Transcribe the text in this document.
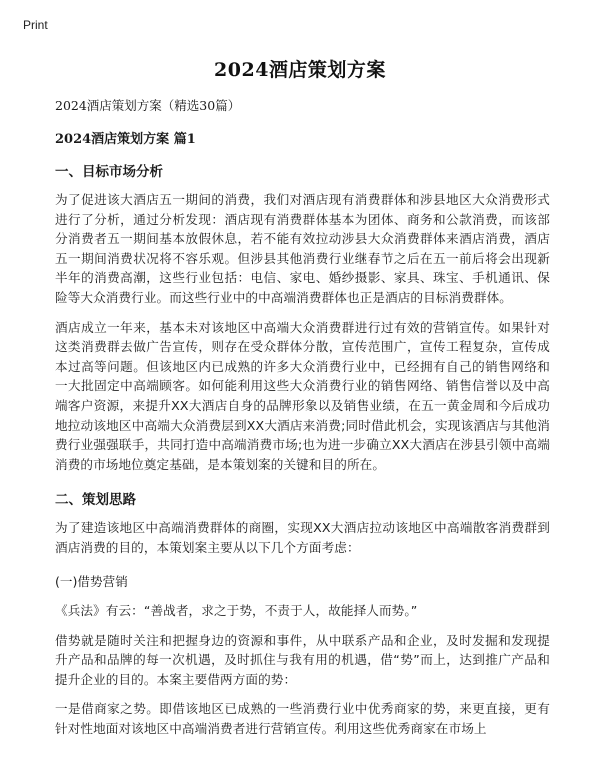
Print
2024酒店策划方案

2024酒店策划方案（精选30篇）

2024酒店策划方案 篇1

一、目标市场分析

为了促进该大酒店五一期间的消费，我们对酒店现有消费群体和涉县地区大众消费形式进行了分析，通过分析发现：酒店现有消费群体基本为团体、商务和公款消费，而该部分消费者五一期间基本放假休息，若不能有效拉动涉县大众消费群体来酒店消费，酒店五一期间消费状况将不容乐观。但涉县其他消费行业继春节之后在五一前后将会出现新半年的消费高潮，这些行业包括：电信、家电、婚纱摄影、家具、珠宝、手机通讯、保险等大众消费行业。而这些行业中的中高端消费群体也正是酒店的目标消费群体。

酒店成立一年来，基本未对该地区中高端大众消费群进行过有效的营销宣传。如果针对这类消费群去做广告宣传，则存在受众群体分散，宣传范围广，宣传工程复杂，宣传成本过高等问题。但该地区内已成熟的许多大众消费行业中，已经拥有自己的销售网络和一大批固定中高端顾客。如何能利用这些大众消费行业的销售网络、销售信誉以及中高端客户资源，来提升XX大酒店自身的品牌形象以及销售业绩，在五一黄金周和今后成功地拉动该地区中高端大众消费层到XX大酒店来消费;同时借此机会，实现该酒店与其他消费行业强强联手，共同打造中高端消费市场;也为进一步确立XX大酒店在涉县引领中高端消费的市场地位奠定基础，是本策划案的关键和目的所在。

二、策划思路

为了建造该地区中高端消费群体的商圈，实现XX大酒店拉动该地区中高端散客消费群到酒店消费的目的，本策划案主要从以下几个方面考虑：

(一)借势营销

《兵法》有云：“善战者，求之于势，不责于人，故能择人而势。”

借势就是随时关注和把握身边的资源和事件，从中联系产品和企业，及时发掘和发现提升产品和品牌的每一次机遇，及时抓住与我有用的机遇，借“势”而上，达到推广产品和提升企业的目的。本案主要借两方面的势：

一是借商家之势。即借该地区已成熟的一些消费行业中优秀商家的势，来更直接，更有针对性地面对该地区中高端消费者进行营销宣传。利用这些优秀商家在市场上
